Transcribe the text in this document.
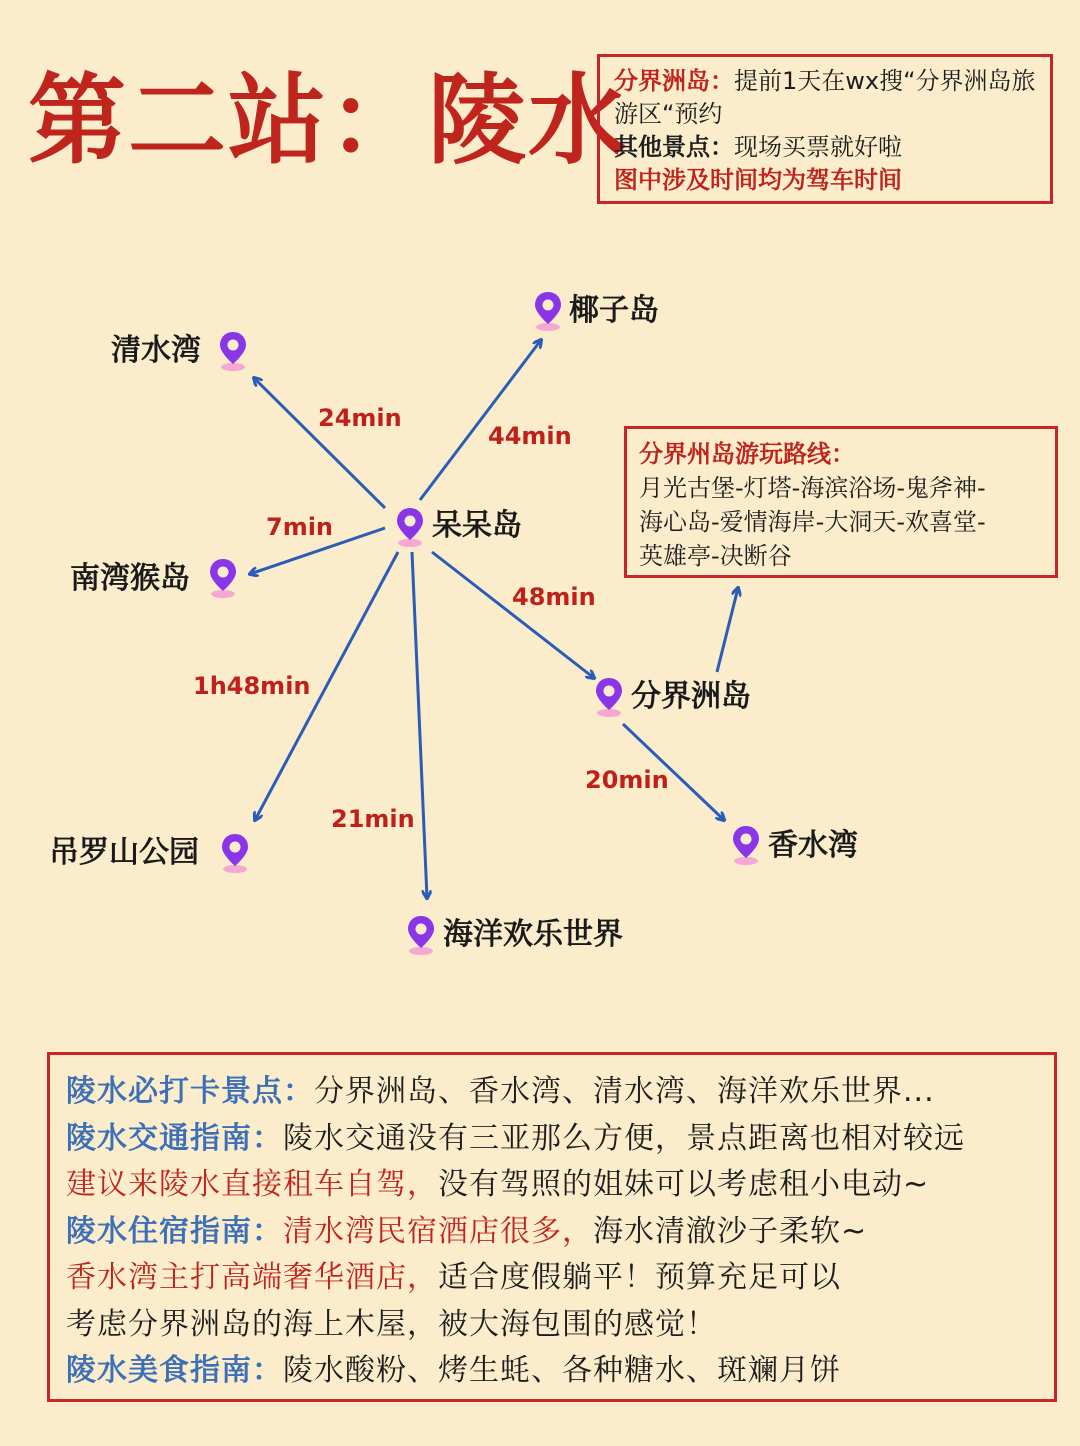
第二站：陵水
分界洲岛：提前1天在wx搜“分界洲岛旅游区“预约
其他景点：现场买票就好啦
图中涉及时间均为驾车时间
呆呆岛
椰子岛
清水湾
南湾猴岛
分界洲岛
香水湾
吊罗山公园
海洋欢乐世界
24min
44min
7min
48min
1h48min
21min
20min
分界州岛游玩路线：
月光古堡-灯塔-海滨浴场-鬼斧神-
海心岛-爱情海岸-大洞天-欢喜堂-
英雄亭-决断谷
陵水必打卡景点：分界洲岛、香水湾、清水湾、海洋欢乐世界...
陵水交通指南：陵水交通没有三亚那么方便，景点距离也相对较远
建议来陵水直接租车自驾，没有驾照的姐妹可以考虑租小电动~
陵水住宿指南：清水湾民宿酒店很多，海水清澈沙子柔软~
香水湾主打高端奢华酒店，适合度假躺平！预算充足可以
考虑分界洲岛的海上木屋，被大海包围的感觉！
陵水美食指南：陵水酸粉、烤生蚝、各种糖水、斑斓月饼
